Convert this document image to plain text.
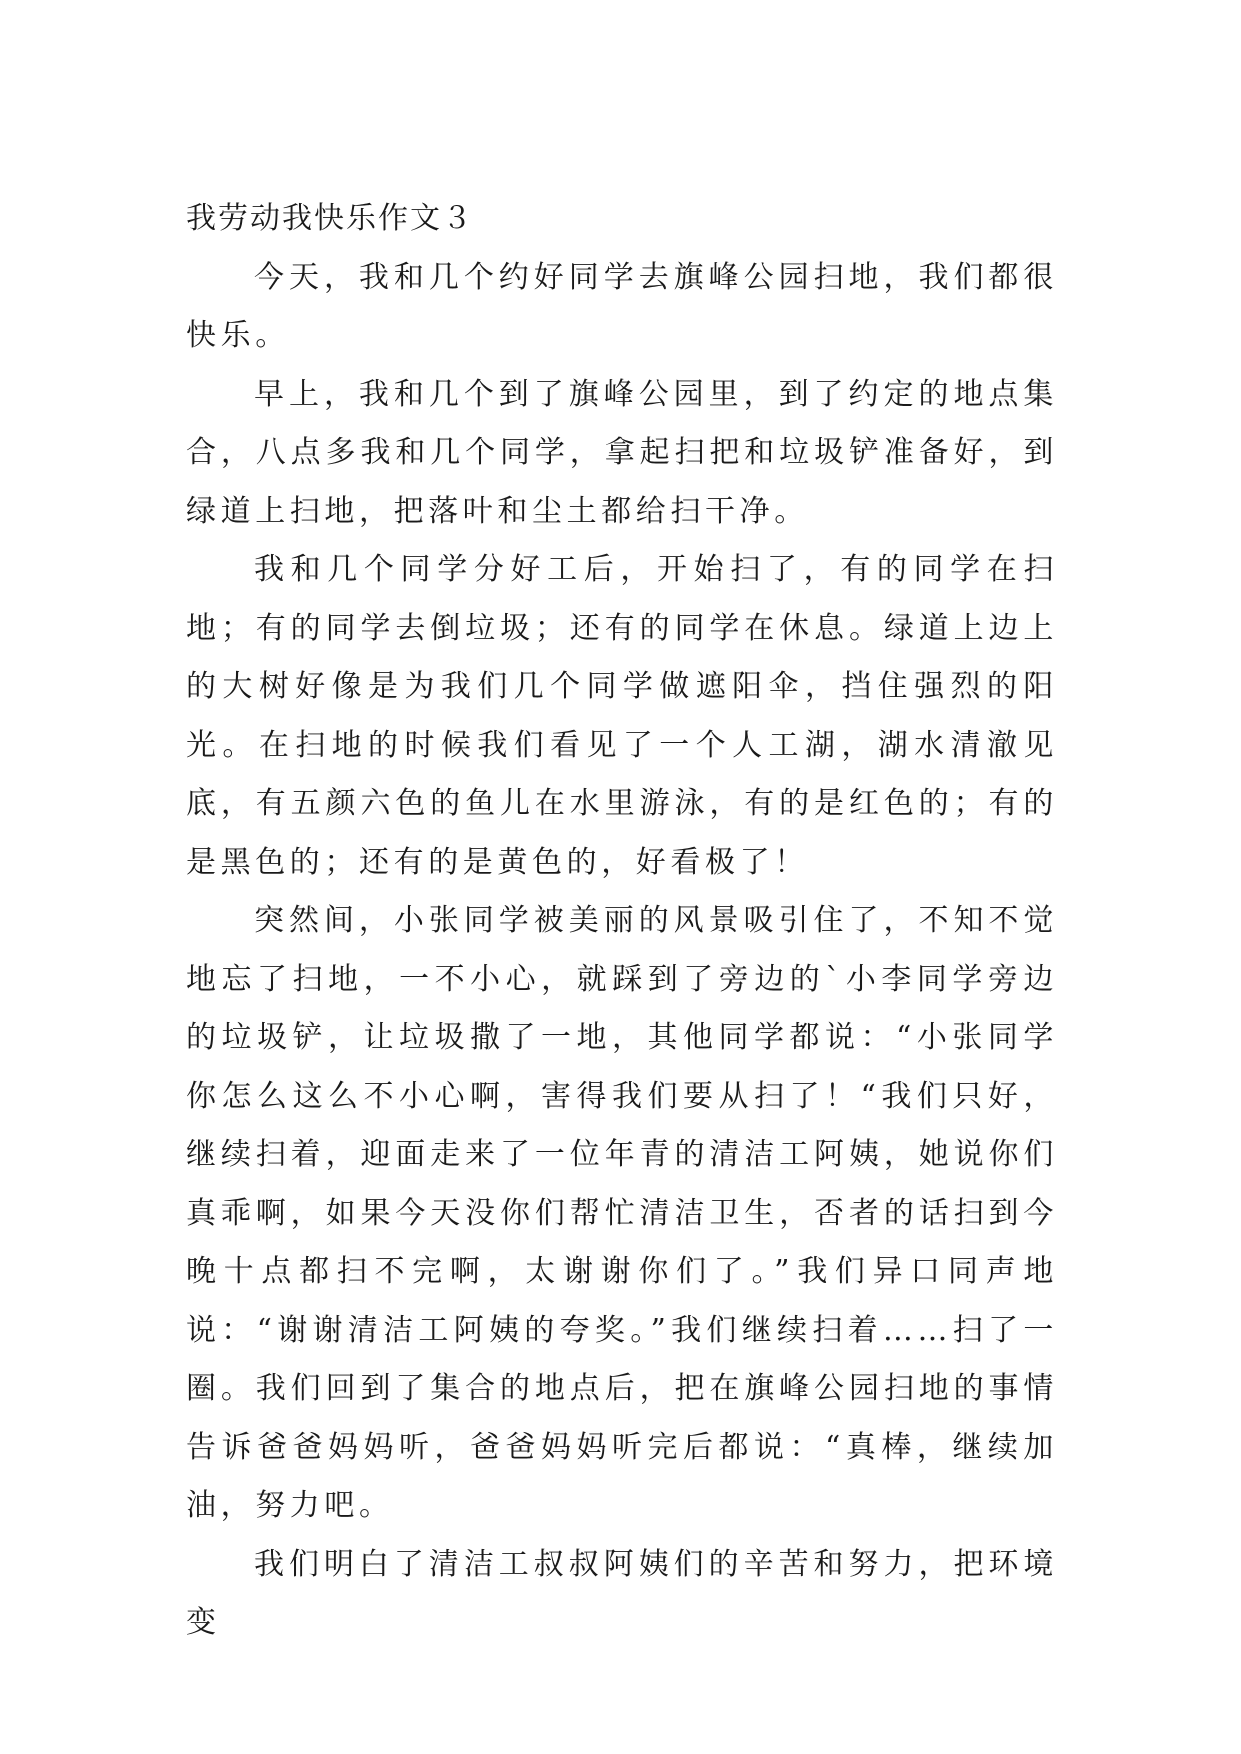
我劳动我快乐作文３

今天，我和几个约好同学去旗峰公园扫地，我们都很快乐。

早上，我和几个到了旗峰公园里，到了约定的地点集合，八点多我和几个同学，拿起扫把和垃圾铲准备好，到绿道上扫地，把落叶和尘土都给扫干净。

我和几个同学分好工后，开始扫了，有的同学在扫地；有的同学去倒垃圾；还有的同学在休息。绿道上边上的大树好像是为我们几个同学做遮阳伞，挡住强烈的阳光。在扫地的时候我们看见了一个人工湖，湖水清澈见底，有五颜六色的鱼儿在水里游泳，有的是红色的；有的是黑色的；还有的是黄色的，好看极了！

突然间，小张同学被美丽的风景吸引住了，不知不觉地忘了扫地，一不小心，就踩到了旁边的`小李同学旁边的垃圾铲，让垃圾撒了一地，其他同学都说：“小张同学你怎么这么不小心啊，害得我们要从扫了！“我们只好，继续扫着，迎面走来了一位年青的清洁工阿姨，她说你们真乖啊，如果今天没你们帮忙清洁卫生，否者的话扫到今晚十点都扫不完啊，太谢谢你们了。”我们异口同声地说：“谢谢清洁工阿姨的夸奖。”我们继续扫着……扫了一圈。我们回到了集合的地点后，把在旗峰公园扫地的事情告诉爸爸妈妈听，爸爸妈妈听完后都说：“真棒，继续加油，努力吧。

我们明白了清洁工叔叔阿姨们的辛苦和努力，把环境变
